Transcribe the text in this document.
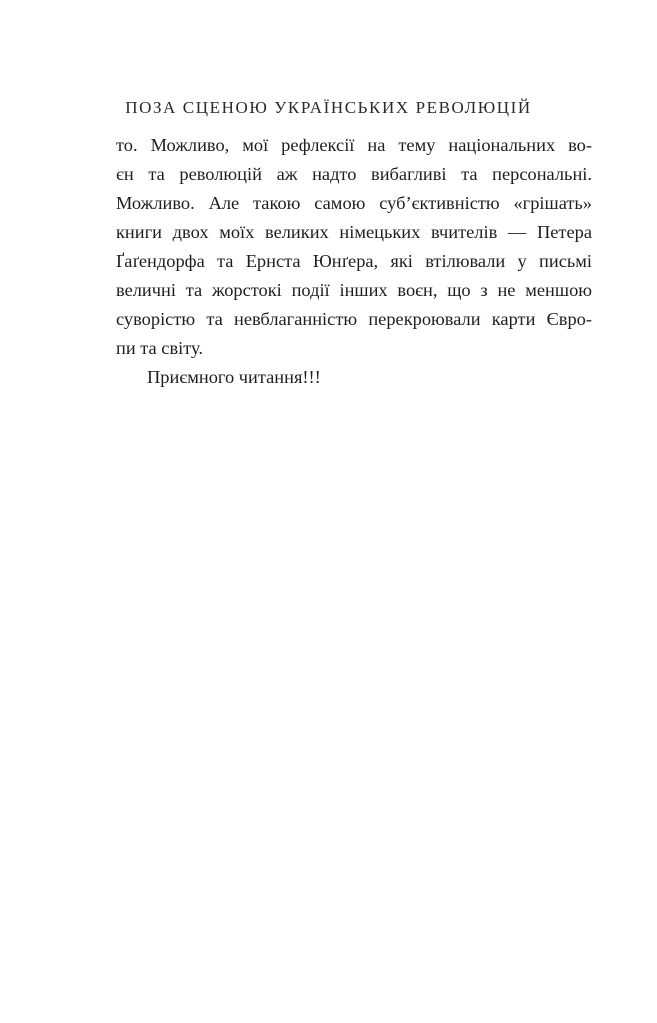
ПОЗА СЦЕНОЮ УКРАЇНСЬКИХ РЕВОЛЮЦІЙ
то. Можливо, мої рефлексії на тему національних во-
єн та революцій аж надто вибагливі та персональні.
Можливо. Але такою самою суб’єктивністю «грішать»
книги двох моїх великих німецьких вчителів — Петера
Ґаґендорфа та Ернста Юнґера, які втілювали у письмі
величні та жорстокі події інших воєн, що з не меншою
суворістю та невблаганністю перекроювали карти Євро-
пи та світу.
Приємного читання!!!
